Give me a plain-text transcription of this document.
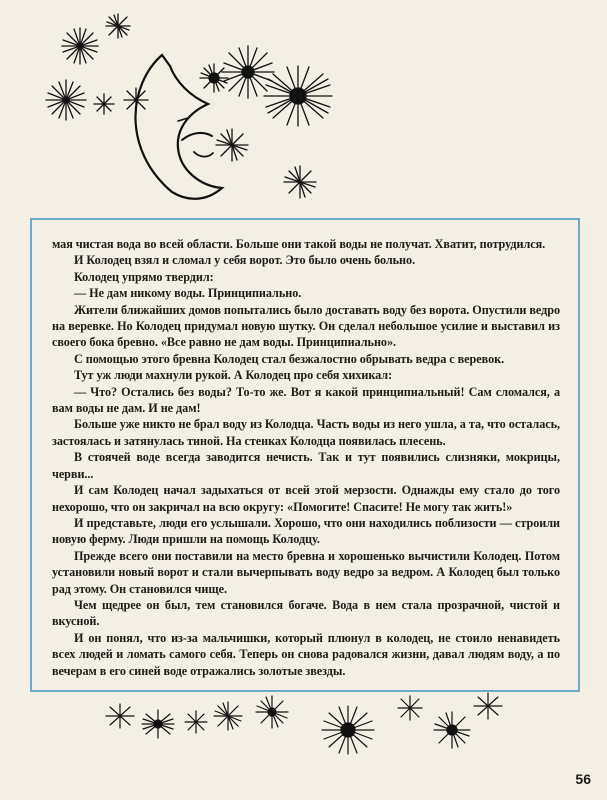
мая чистая вода во всей области. Больше они такой воды не получат. Хватит, потрудился.

И Колодец взял и сломал у себя ворот. Это было очень больно.

Колодец упрямо твердил:

— Не дам никому воды. Принципиально.

Жители ближайших домов попытались было доставать воду без ворота. Опустили ведро на веревке. Но Колодец придумал новую шутку. Он сделал небольшое усилие и выставил из своего бока бревно. «Все равно не дам воды. Принципиально».

С помощью этого бревна Колодец стал безжалостно обрывать ведра с веревок.

Тут уж люди махнули рукой. А Колодец про себя хихикал:

— Что? Остались без воды? То-то же. Вот я какой принципиальный! Сам сломался, а вам воды не дам. И не дам!

Больше уже никто не брал воду из Колодца. Часть воды из него ушла, а та, что осталась, застоялась и затянулась тиной. На стенках Колодца появилась плесень.

В стоячей воде всегда заводится нечисть. Так и тут появились слизняки, мокрицы, черви...

И сам Колодец начал задыхаться от всей этой мерзости. Однажды ему стало до того нехорошо, что он закричал на всю округу: «Помогите! Спасите! Не могу так жить!»

И представьте, люди его услышали. Хорошо, что они находились поблизости — строили новую ферму. Люди пришли на помощь Колодцу.

Прежде всего они поставили на место бревна и хорошенько вычистили Колодец. Потом установили новый ворот и стали вычерпывать воду ведро за ведром. А Колодец был только рад этому. Он становился чище.

Чем щедрее он был, тем становился богаче. Вода в нем стала прозрачной, чистой и вкусной.

И он понял, что из-за мальчишки, который плюнул в колодец, не стоило ненавидеть всех людей и ломать самого себя. Теперь он снова радовался жизни, давал людям воду, а по вечерам в его синей воде отражались золотые звезды.

56
